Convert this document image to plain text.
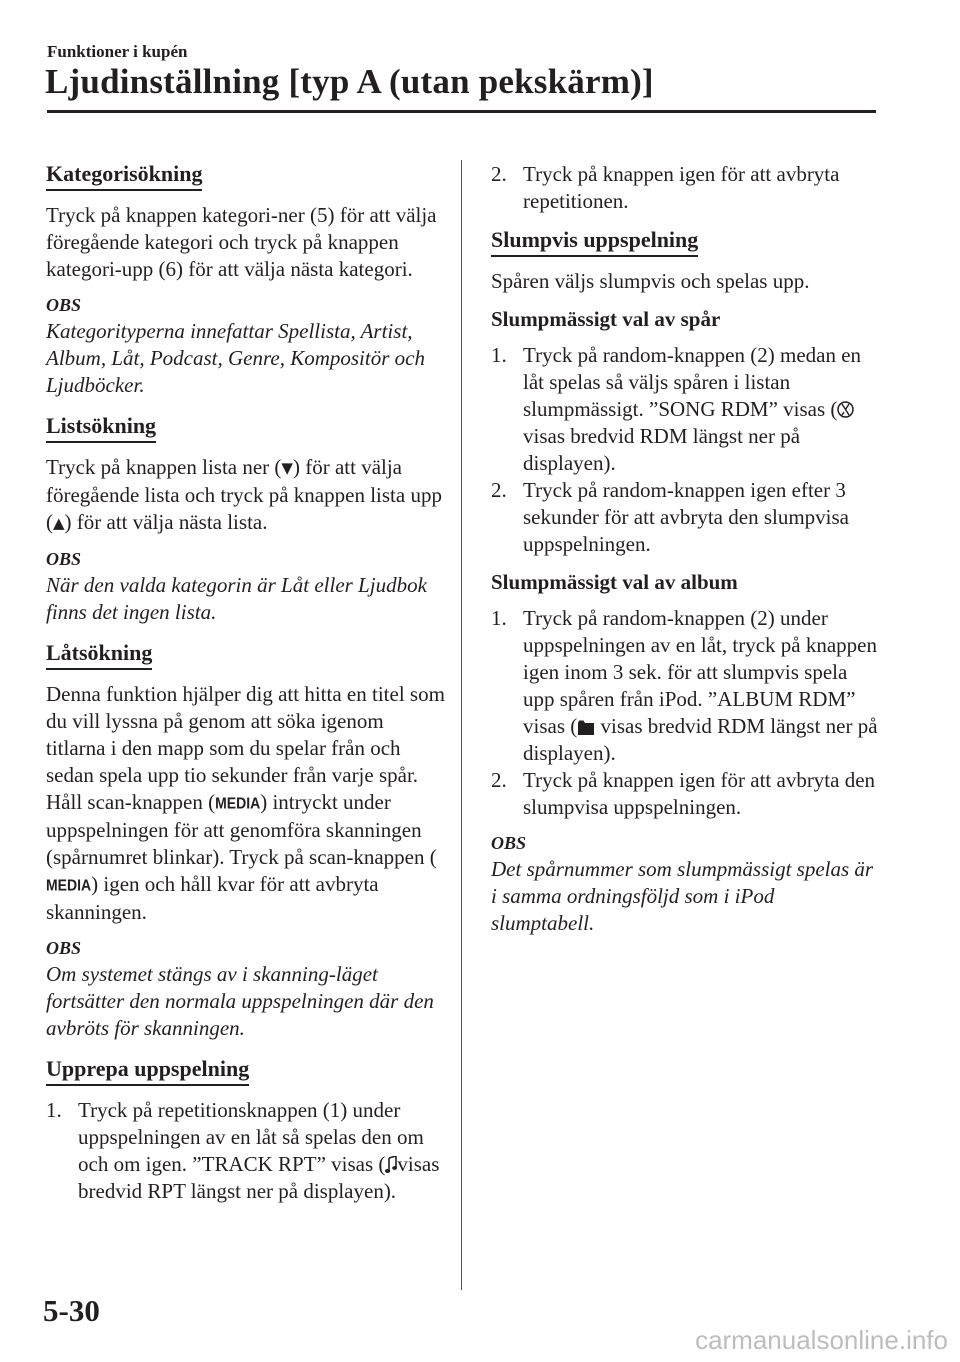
Funktioner i kupén
Ljudinställning [typ A (utan pekskärm)]
Kategorisökning

Tryck på knappen kategori-ner (5) för att välja föregående kategori och tryck på knappen kategori-upp (6) för att välja nästa kategori.

OBS
Kategorityperna innefattar Spellista, Artist, Album, Låt, Podcast, Genre, Kompositör och Ljudböcker.
Listsökning

Tryck på knappen lista ner (▼) för att välja föregående lista och tryck på knappen lista upp (▲) för att välja nästa lista.

OBS
När den valda kategorin är Låt eller Ljudbok finns det ingen lista.
Låtsökning

Denna funktion hjälper dig att hitta en titel som du vill lyssna på genom att söka igenom titlarna i den mapp som du spelar från och sedan spela upp tio sekunder från varje spår.

Håll scan-knappen (MEDIA) intryckt under uppspelningen för att genomföra skanningen (spårnumret blinkar). Tryck på scan-knappen (MEDIA) igen och håll kvar för att avbryta skanningen.

OBS
Om systemet stängs av i skanning-läget fortsätter den normala uppspelningen där den avbröts för skanningen.
Upprepa uppspelning
1. Tryck på repetitionsknappen (1) under uppspelningen av en låt så spelas den om och om igen. ”TRACK RPT” visas ( visas bredvid RPT längst ner på displayen).
2. Tryck på knappen igen för att avbryta repetitionen.
Slumpvis uppspelning

Spåren väljs slumpvis och spelas upp.

Slumpmässigt val av spår
1. Tryck på random-knappen (2) medan en låt spelas så väljs spåren i listan slumpmässigt. ”SONG RDM” visas ( visas bredvid RDM längst ner på displayen).
2. Tryck på random-knappen igen efter 3 sekunder för att avbryta den slumpvisa uppspelningen.
Slumpmässigt val av album
1. Tryck på random-knappen (2) under uppspelningen av en låt, tryck på knappen igen inom 3 sek. för att slumpvis spela upp spåren från iPod. ”ALBUM RDM” visas ( visas bredvid RDM längst ner på displayen).
2. Tryck på knappen igen för att avbryta den slumpvisa uppspelningen.
OBS
Det spårnummer som slumpmässigt spelas är i samma ordningsföljd som i iPod slumptabell.
5-30
carmanualsonline.info
